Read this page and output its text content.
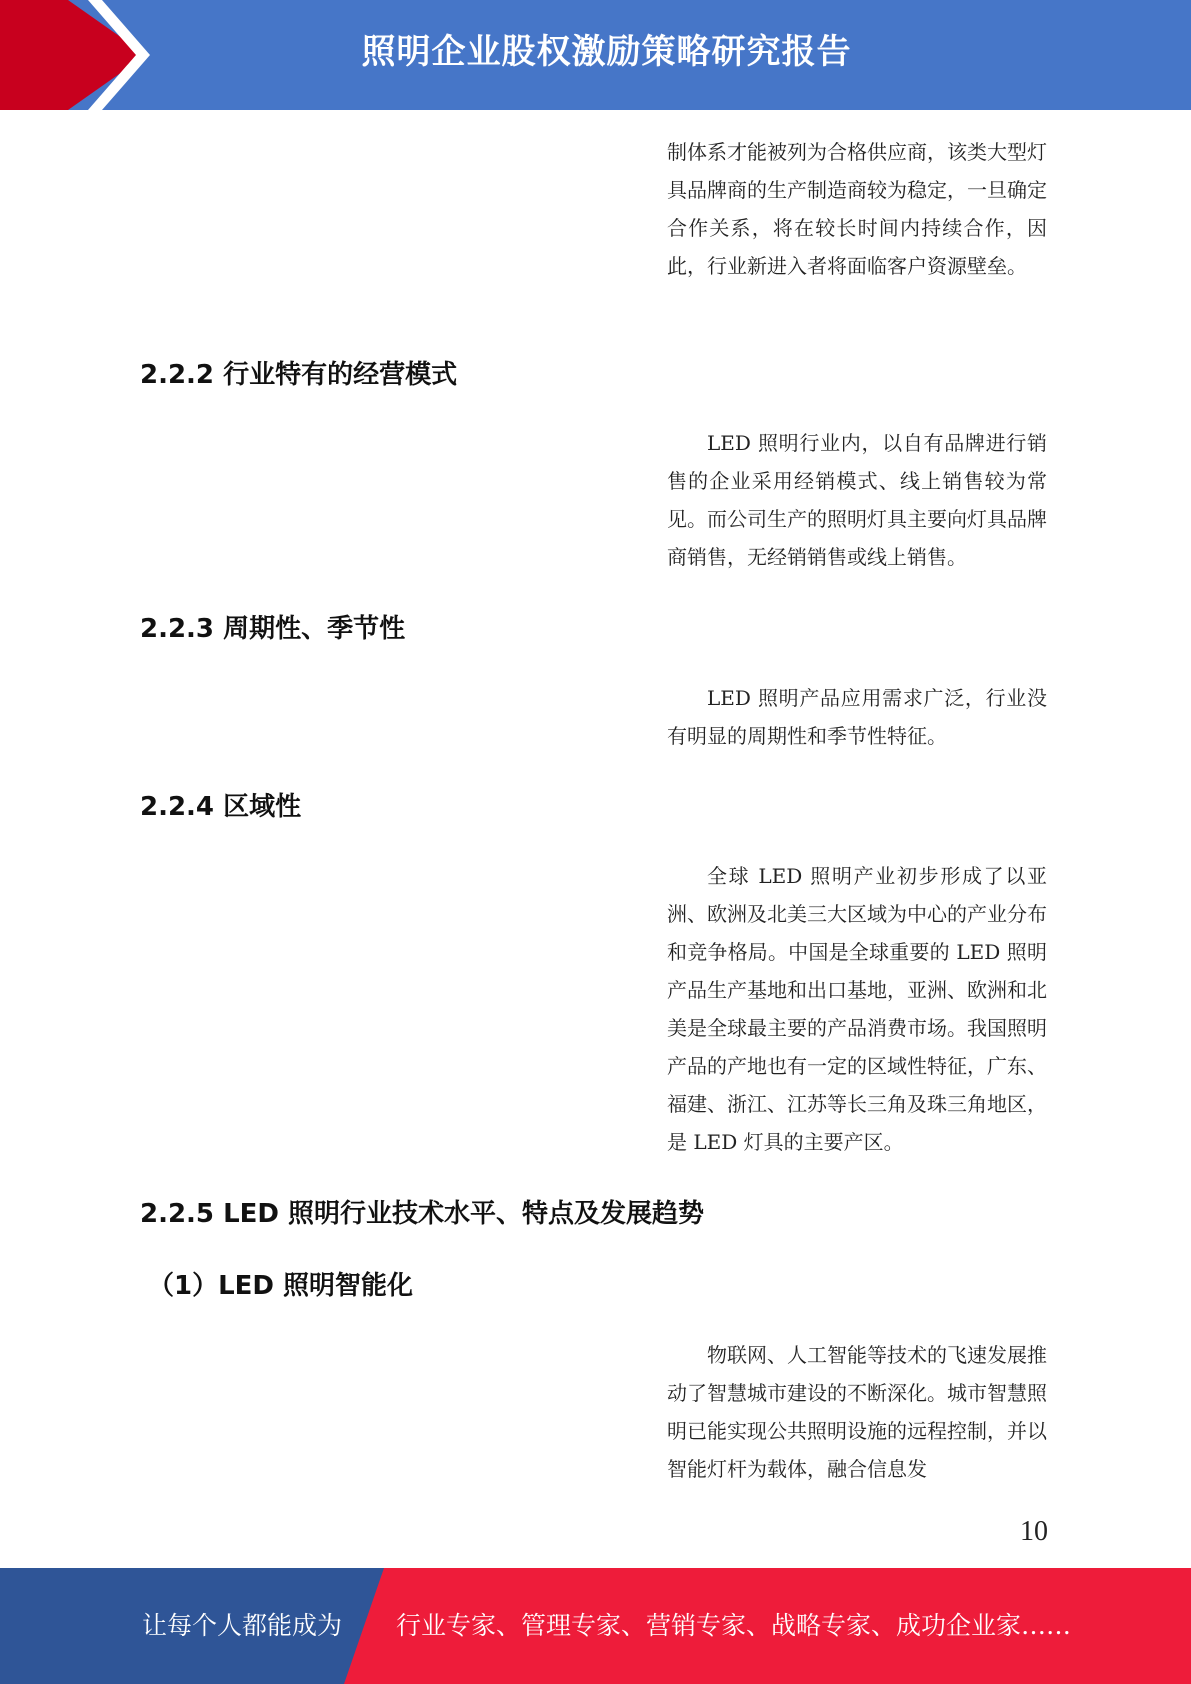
照明企业股权激励策略研究报告

制体系才能被列为合格供应商，该类大型灯具品牌商的生产制造商较为稳定，一旦确定合作关系，将在较长时间内持续合作，因此，行业新进入者将面临客户资源壁垒。

2.2.2 行业特有的经营模式

LED 照明行业内，以自有品牌进行销售的企业采用经销模式、线上销售较为常见。而公司生产的照明灯具主要向灯具品牌商销售，无经销销售或线上销售。

2.2.3 周期性、季节性

LED 照明产品应用需求广泛，行业没有明显的周期性和季节性特征。

2.2.4 区域性

全球 LED 照明产业初步形成了以亚洲、欧洲及北美三大区域为中心的产业分布和竞争格局。中国是全球重要的 LED 照明产品生产基地和出口基地，亚洲、欧洲和北美是全球最主要的产品消费市场。我国照明产品的产地也有一定的区域性特征，广东、福建、浙江、江苏等长三角及珠三角地区，是 LED 灯具的主要产区。

2.2.5 LED 照明行业技术水平、特点及发展趋势
（1）LED 照明智能化

物联网、人工智能等技术的飞速发展推动了智慧城市建设的不断深化。城市智慧照明已能实现公共照明设施的远程控制，并以智能灯杆为载体，融合信息发

10
让每个人都能成为 行业专家、管理专家、营销专家、战略专家、成功企业家……
